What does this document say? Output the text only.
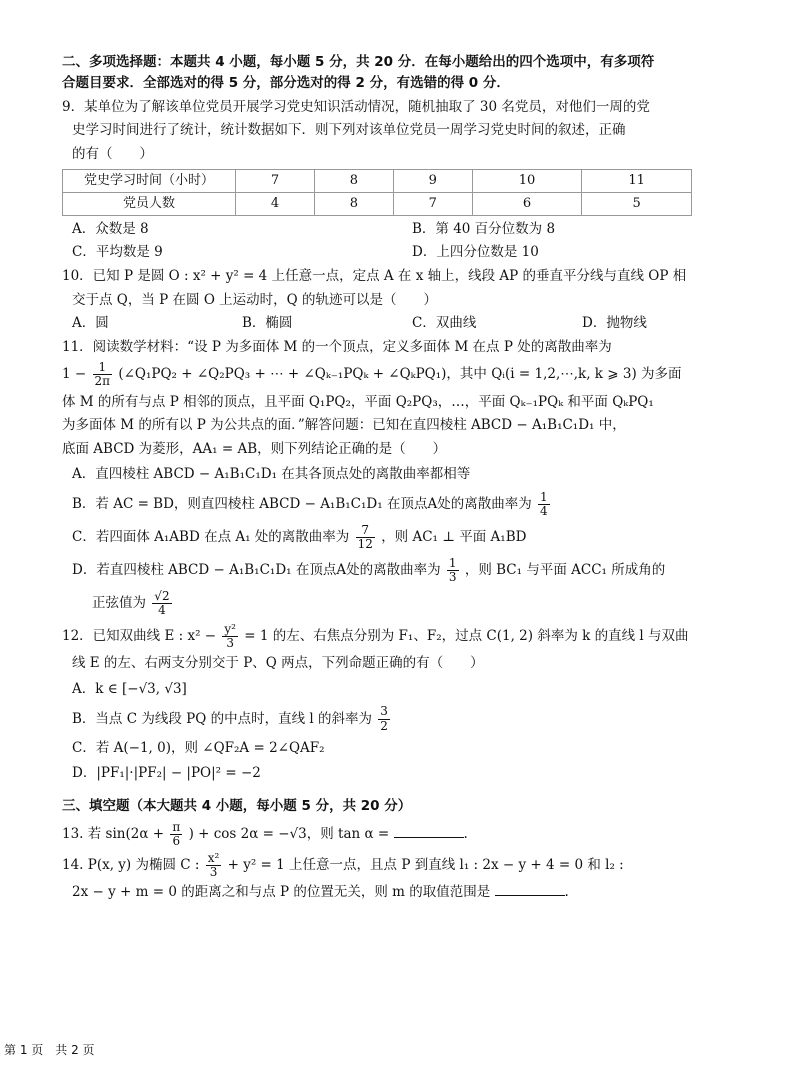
二、多项选择题：本题共 4 小题，每小题 5 分，共 20 分．在每小题给出的四个选项中，有多项符
合题目要求．全部选对的得 5 分，部分选对的得 2 分，有选错的得 0 分．
9．某单位为了解该单位党员开展学习党史知识活动情况，随机抽取了 30 名党员，对他们一周的党
史学习时间进行了统计，统计数据如下．则下列对该单位党员一周学习党史时间的叙述，正确
的有（　　）
党史学习时间（小时）	7	8	9	10	11
党员人数	4	8	7	6	5
A．众数是 8	B．第 40 百分位数为 8
C．平均数是 9	D．上四分位数是 10
10．已知 P 是圆 O : x² + y² = 4 上任意一点，定点 A 在 x 轴上，线段 AP 的垂直平分线与直线 OP 相
交于点 Q，当 P 在圆 O 上运动时，Q 的轨迹可以是（　　）
A．圆	B．椭圆	C．双曲线	D．抛物线
11．阅读数学材料：“设 P 为多面体 M 的一个顶点，定义多面体 M 在点 P 处的离散曲率为
$1 - \frac{1}{2\pi}$ (∠Q₁PQ₂ + ∠Q₂PQ₃ + ⋯ + ∠Qₖ₋₁PQₖ + ∠QₖPQ₁)，其中 Qᵢ(i = 1,2,⋯,k, k ⩾ 3) 为多面
体 M 的所有与点 P 相邻的顶点，且平面 Q₁PQ₂，平面 Q₂PQ₃，…，平面 Qₖ₋₁PQₖ 和平面 QₖPQ₁
为多面体 M 的所有以 P 为公共点的面．”解答问题：已知在直四棱柱 ABCD − A₁B₁C₁D₁ 中，
底面 ABCD 为菱形，AA₁ = AB，则下列结论正确的是（　　）
A．直四棱柱 ABCD − A₁B₁C₁D₁ 在其各顶点处的离散曲率都相等
B．若 AC = BD，则直四棱柱 ABCD − A₁B₁C₁D₁ 在顶点A处的离散曲率为 $\frac{1}{4}$
C．若四面体 A₁ABD 在点 A₁ 处的离散曲率为 $\frac{7}{12}$ ，则 AC₁ ⊥ 平面 A₁BD
D．若直四棱柱 ABCD − A₁B₁C₁D₁ 在顶点A处的离散曲率为 $\frac{1}{3}$ ，则 BC₁ 与平面 ACC₁ 所成角的
正弦值为 $\frac{√2}{4}$
12．已知双曲线 E : $x^2 - \frac{\text{y²}}{3} = 1$ 的左、右焦点分别为 F₁、F₂，过点 C(1, 2) 斜率为 k 的直线 l 与双曲
线 E 的左、右两支分别交于 P、Q 两点，下列命题正确的有（　　）
A．k ∈ [−√3, √3]
B．当点 C 为线段 PQ 的中点时，直线 l 的斜率为 $\frac{3}{2}$
C．若 A(−1, 0)，则 ∠QF₂A = 2∠QAF₂
D．|PF₁|·|PF₂| − |PO|² = −2
三、填空题（本大题共 4 小题，每小题 5 分，共 20 分）
13. 若 $\sin(2\alpha + \frac{\pi}{6}$ ) + cos 2α = −√3，则 tan α =	.
14. P(x, y) 为椭圆 C : $\frac{\text{x²}}{3} + y^2 = 1$ 上任意一点，且点 P 到直线 l₁ : 2x − y + 4 = 0 和 l₂ :
2x − y + m = 0 的距离之和与点 P 的位置无关，则 m 的取值范围是	.
第 1 页　共 2 页
